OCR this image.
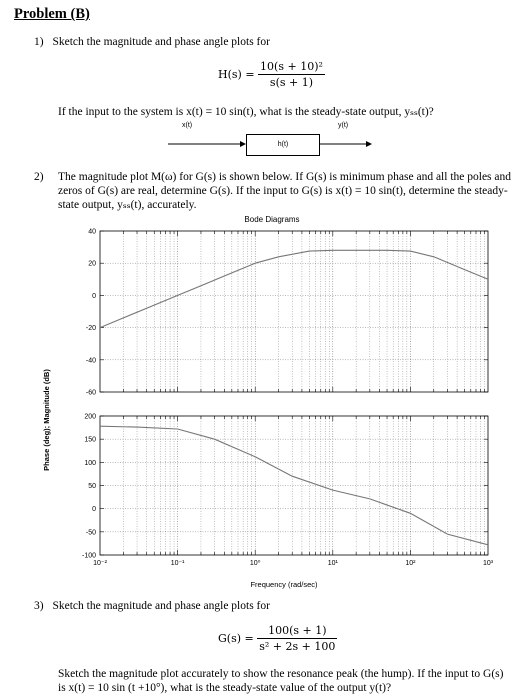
Problem (B)
1) Sketch the magnitude and phase angle plots for
$H(s) = \frac{\text{10(s + 10)²}}{s(s + 1)}$
If the input to the system is x(t) = 10 sin(t), what is the steady-state output, yₛₛ(t)?
x(t)	y(t)
h(t)
2) The magnitude plot M(ω) for G(s) is shown below. If G(s) is minimum phase and all the poles and
zeros of G(s) are real, determine G(s). If the input to G(s) is x(t) = 10 sin(t), determine the steady-
state output, yₛₛ(t), accurately.
Bode Diagrams
Phase (deg); Magnitude (dB)
Frequency (rad/sec)
-60
-40
-20
0
20
40
-100
-50
0
50
100
150
200
10⁻²	10⁻¹	10⁰	10¹	10²	10³
3) Sketch the magnitude and phase angle plots for
$G(s) = \frac{100(s + 1)}{\text{s² + 2s + 100}}$
Sketch the magnitude plot accurately to show the resonance peak (the hump). If the input to G(s)
is x(t) = 10 sin (t +10°), what is the steady-state value of the output y(t)?
